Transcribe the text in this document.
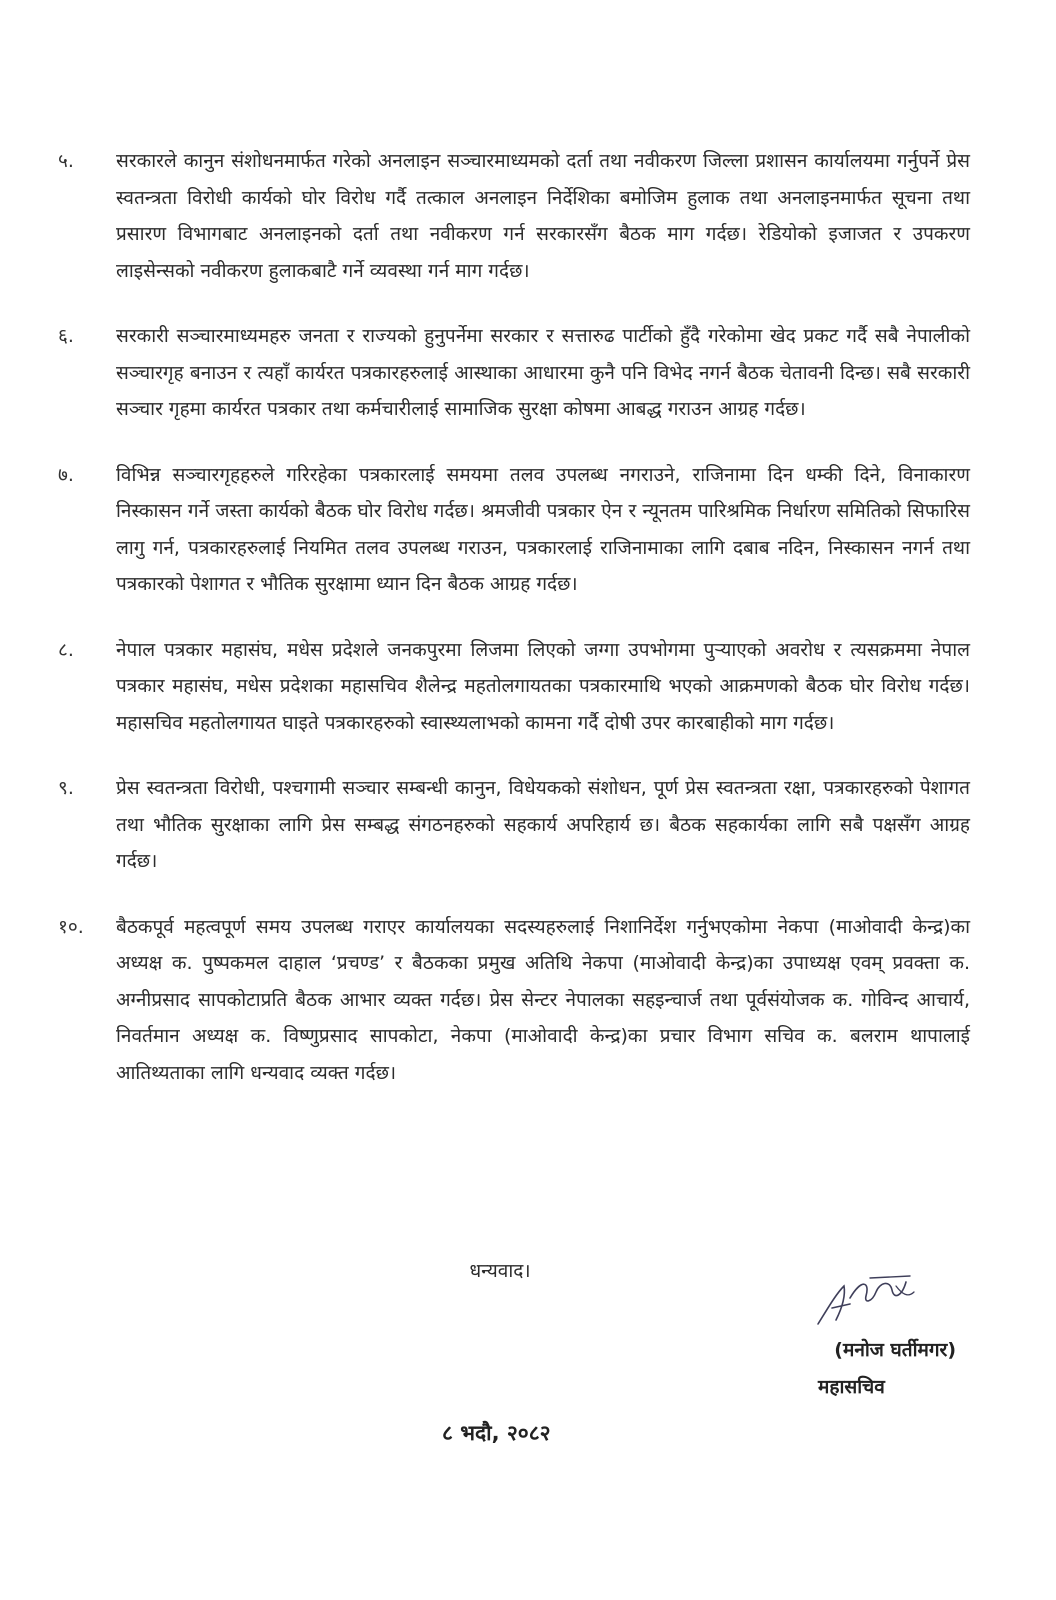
५.	सरकारले कानुन संशोधनमार्फत गरेको अनलाइन सञ्चारमाध्यमको दर्ता तथा नवीकरण जिल्ला प्रशासन कार्यालयमा गर्नुपर्ने प्रेस स्वतन्त्रता विरोधी कार्यको घोर विरोध गर्दै तत्काल अनलाइन निर्देशिका बमोजिम हुलाक तथा अनलाइनमार्फत सूचना तथा प्रसारण विभागबाट अनलाइनको दर्ता तथा नवीकरण गर्न सरकारसँग बैठक माग गर्दछ। रेडियोको इजाजत र उपकरण लाइसेन्सको नवीकरण हुलाकबाटै गर्ने व्यवस्था गर्न माग गर्दछ।
६.	सरकारी सञ्चारमाध्यमहरु जनता र राज्यको हुनुपर्नेमा सरकार र सत्तारुढ पार्टीको हुँदै गरेकोमा खेद प्रकट गर्दै सबै नेपालीको सञ्चारगृह बनाउन र त्यहाँ कार्यरत पत्रकारहरुलाई आस्थाका आधारमा कुनै पनि विभेद नगर्न बैठक चेतावनी दिन्छ। सबै सरकारी सञ्चार गृहमा कार्यरत पत्रकार तथा कर्मचारीलाई सामाजिक सुरक्षा कोषमा आबद्ध गराउन आग्रह गर्दछ।
७.	विभिन्न सञ्चारगृहहरुले गरिरहेका पत्रकारलाई समयमा तलव उपलब्ध नगराउने, राजिनामा दिन धम्की दिने, विनाकारण निस्कासन गर्ने जस्ता कार्यको बैठक घोर विरोध गर्दछ। श्रमजीवी पत्रकार ऐन र न्यूनतम पारिश्रमिक निर्धारण समितिको सिफारिस लागु गर्न, पत्रकारहरुलाई नियमित तलव उपलब्ध गराउन, पत्रकारलाई राजिनामाका लागि दबाब नदिन, निस्कासन नगर्न तथा पत्रकारको पेशागत र भौतिक सुरक्षामा ध्यान दिन बैठक आग्रह गर्दछ।
८.	नेपाल पत्रकार महासंघ, मधेस प्रदेशले जनकपुरमा लिजमा लिएको जग्गा उपभोगमा पुऱ्याएको अवरोध र त्यसक्रममा नेपाल पत्रकार महासंघ, मधेस प्रदेशका महासचिव शैलेन्द्र महतोलगायतका पत्रकारमाथि भएको आक्रमणको बैठक घोर विरोध गर्दछ। महासचिव महतोलगायत घाइते पत्रकारहरुको स्वास्थ्यलाभको कामना गर्दै दोषी उपर कारबाहीको माग गर्दछ।
९.	प्रेस स्वतन्त्रता विरोधी, पश्चगामी सञ्चार सम्बन्धी कानुन, विधेयकको संशोधन, पूर्ण प्रेस स्वतन्त्रता रक्षा, पत्रकारहरुको पेशागत तथा भौतिक सुरक्षाका लागि प्रेस सम्बद्ध संगठनहरुको सहकार्य अपरिहार्य छ। बैठक सहकार्यका लागि सबै पक्षसँग आग्रह गर्दछ।
१०.	बैठकपूर्व महत्वपूर्ण समय उपलब्ध गराएर कार्यालयका सदस्यहरुलाई निशानिर्देश गर्नुभएकोमा नेकपा (माओवादी केन्द्र)का अध्यक्ष क. पुष्पकमल दाहाल ‘प्रचण्ड’ र बैठकका प्रमुख अतिथि नेकपा (माओवादी केन्द्र)का उपाध्यक्ष एवम् प्रवक्ता क. अग्नीप्रसाद सापकोटाप्रति बैठक आभार व्यक्त गर्दछ। प्रेस सेन्टर नेपालका सहइन्चार्ज तथा पूर्वसंयोजक क. गोविन्द आचार्य, निवर्तमान अध्यक्ष क. विष्णुप्रसाद सापकोटा, नेकपा (माओवादी केन्द्र)का प्रचार विभाग सचिव क. बलराम थापालाई आतिथ्यताका लागि धन्यवाद व्यक्त गर्दछ।
धन्यवाद।
(मनोज घर्तीमगर)
महासचिव
८ भदौ, २०८२
